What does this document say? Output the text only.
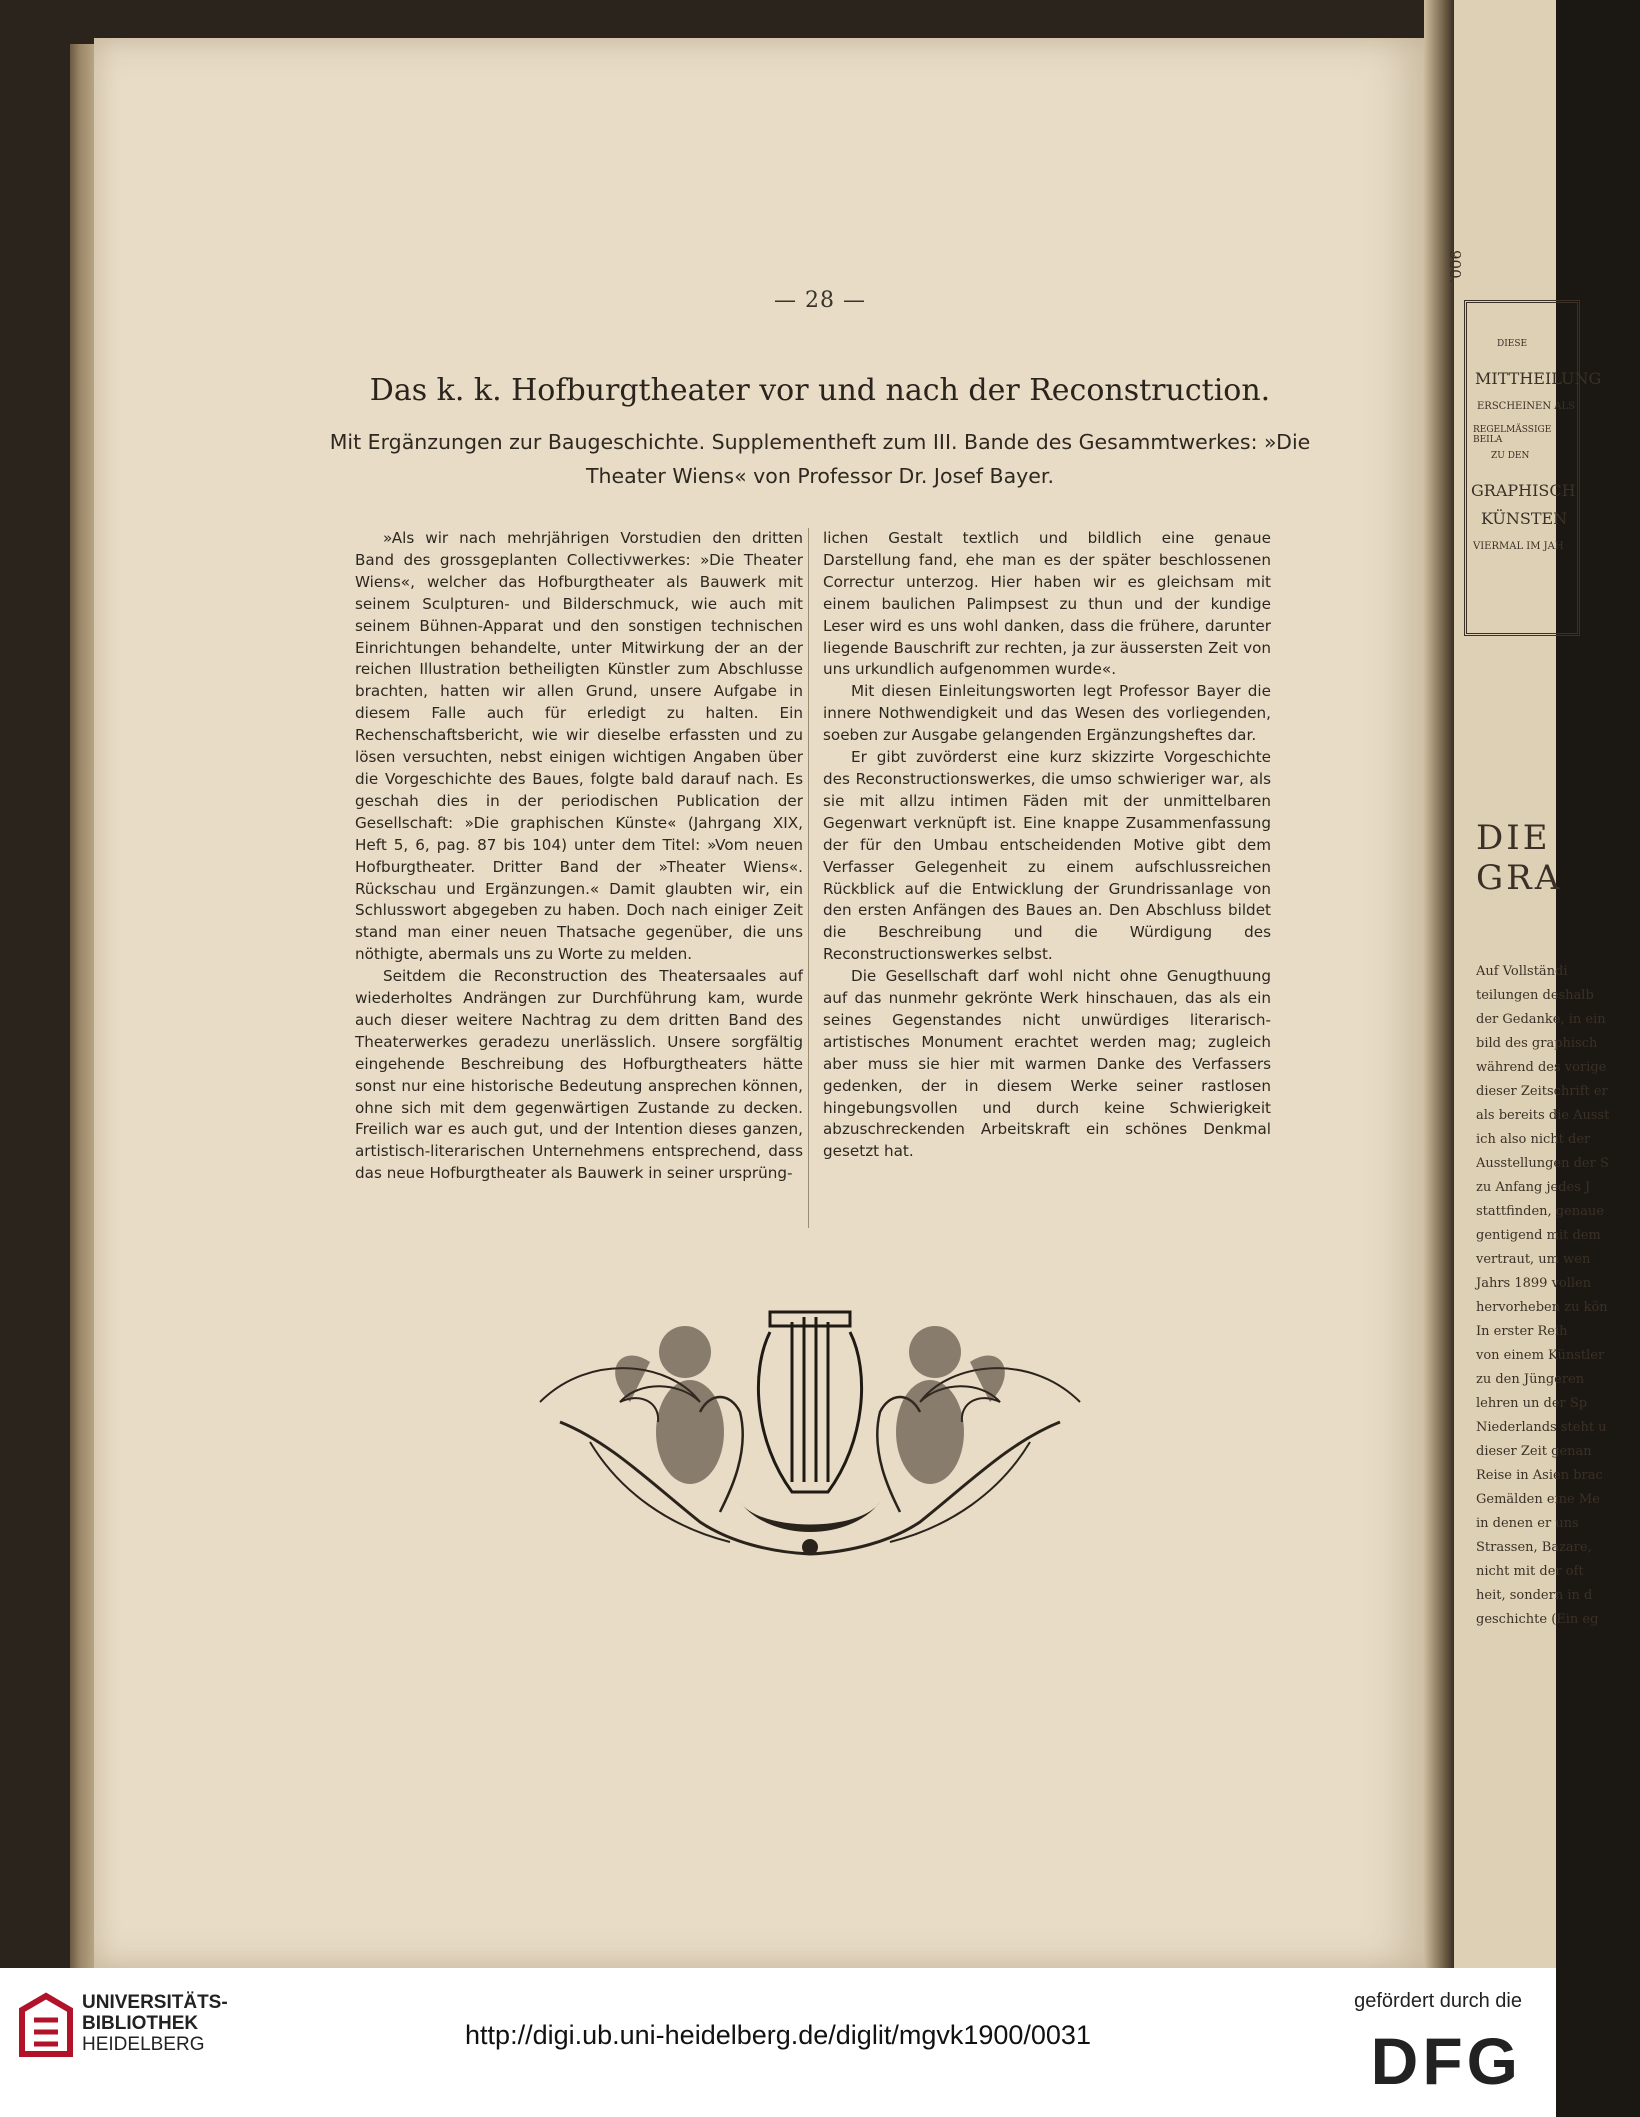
— 28 —
Das k. k. Hofburgtheater vor und nach der Reconstruction.
Mit Ergänzungen zur Baugeschichte. Supplementheft zum III. Bande des Gesammtwerkes: »Die
Theater Wiens« von Professor Dr. Josef Bayer.

»Als wir nach mehrjährigen Vorstudien den dritten Band des grossgeplanten Collectivwerkes: »Die Theater Wiens«, welcher das Hofburgtheater als Bauwerk mit seinem Sculpturen- und Bilderschmuck, wie auch mit seinem Bühnen-Apparat und den sonstigen technischen Einrichtungen behandelte, unter Mitwirkung der an der reichen Illustration betheiligten Künstler zum Abschlusse brachten, hatten wir allen Grund, unsere Aufgabe in diesem Falle auch für erledigt zu halten. Ein Rechenschaftsbericht, wie wir dieselbe erfassten und zu lösen versuchten, nebst einigen wichtigen Angaben über die Vorgeschichte des Baues, folgte bald darauf nach. Es geschah dies in der periodischen Publication der Gesellschaft: »Die graphischen Künste« (Jahrgang XIX, Heft 5, 6, pag. 87 bis 104) unter dem Titel: »Vom neuen Hofburgtheater. Dritter Band der »Theater Wiens«. Rückschau und Ergänzungen.« Damit glaubten wir, ein Schlusswort abgegeben zu haben. Doch nach einiger Zeit stand man einer neuen Thatsache gegenüber, die uns nöthigte, abermals uns zu Worte zu melden.

Seitdem die Reconstruction des Theatersaales auf wiederholtes Andrängen zur Durchführung kam, wurde auch dieser weitere Nachtrag zu dem dritten Band des Theaterwerkes geradezu unerlässlich. Unsere sorgfältig eingehende Beschreibung des Hofburgtheaters hätte sonst nur eine historische Bedeutung ansprechen können, ohne sich mit dem gegenwärtigen Zustande zu decken. Freilich war es auch gut, und der Intention dieses ganzen, artistisch-literarischen Unternehmens entsprechend, dass das neue Hofburgtheater als Bauwerk in seiner ursprüng-

lichen Gestalt textlich und bildlich eine genaue Darstellung fand, ehe man es der später beschlossenen Correctur unterzog. Hier haben wir es gleichsam mit einem baulichen Palimpsest zu thun und der kundige Leser wird es uns wohl danken, dass die frühere, darunter liegende Bauschrift zur rechten, ja zur äussersten Zeit von uns urkundlich aufgenommen wurde«.

Mit diesen Einleitungsworten legt Professor Bayer die innere Nothwendigkeit und das Wesen des vorliegenden, soeben zur Ausgabe gelangenden Ergänzungsheftes dar.

Er gibt zuvörderst eine kurz skizzirte Vorgeschichte des Reconstructionswerkes, die umso schwieriger war, als sie mit allzu intimen Fäden mit der unmittelbaren Gegenwart verknüpft ist. Eine knappe Zusammenfassung der für den Umbau entscheidenden Motive gibt dem Verfasser Gelegenheit zu einem aufschlussreichen Rückblick auf die Entwicklung der Grundrissanlage von den ersten Anfängen des Baues an. Den Abschluss bildet die Beschreibung und die Würdigung des Reconstructionswerkes selbst.

Die Gesellschaft darf wohl nicht ohne Genugthuung auf das nunmehr gekrönte Werk hinschauen, das als ein seines Gegenstandes nicht unwürdiges literarisch-artistisches Monument erachtet werden mag; zugleich aber muss sie hier mit warmen Danke des Verfassers gedenken, der in diesem Werke seiner rastlosen hingebungsvollen und durch keine Schwierigkeit abzuschreckenden Arbeitskraft ein schönes Denkmal gesetzt hat.

900.
DIESE
MITTHEILUNG
ERSCHEINEN ALS
REGELMÄSSIGE BEILA
ZU DEN
GRAPHISCH
KÜNSTEN
VIERMAL IM JAH
DIE GRA
Auf Vollständi
teilungen deshalb
der Gedanke, in ein
bild des graphisch
während des vorige
dieser Zeitschrift er
als bereits die Ausst
ich also nicht der
Ausstellungen der S
zu Anfang jedes J
stattfinden, genaue
gentigend mit dem
vertraut, um wen
Jahrs 1899 vollen
hervorheben zu kön
In erster Reih
von einem Künstler
zu den Jüngeren
lehren un der Sp
Niederlands steht u
dieser Zeit genan
Reise in Asien brac
Gemälden eine Me
in denen er uns
Strassen, Bazare,
nicht mit der oft
heit, sondern in d
geschichte (Ein eg
UNIVERSITÄTS-
BIBLIOTHEK
HEIDELBERG	http://digi.ub.uni-heidelberg.de/diglit/mgvk1900/0031
gefördert durch die
DFG
